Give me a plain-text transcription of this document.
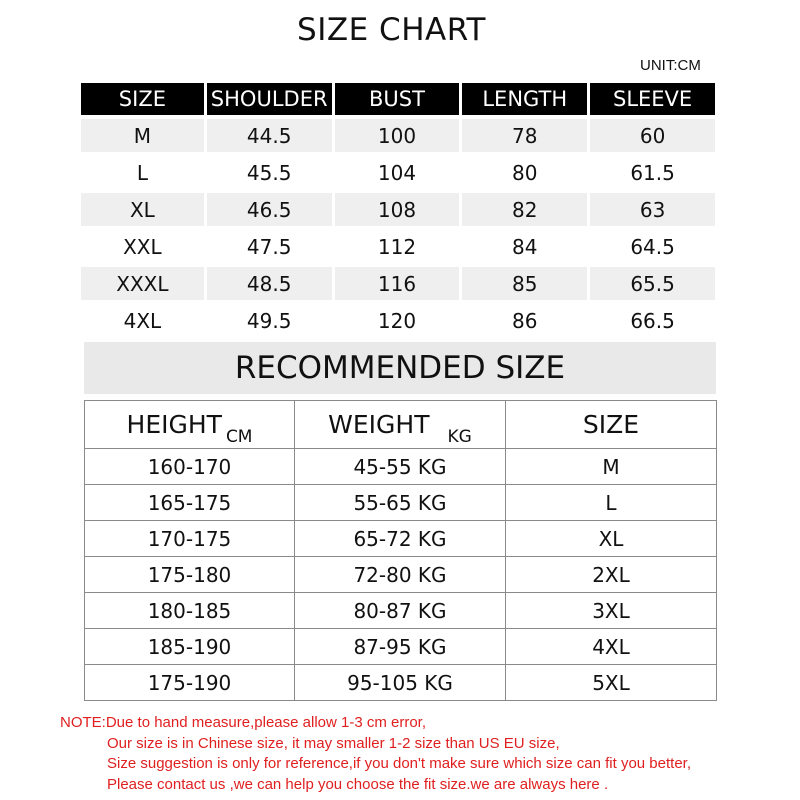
SIZE CHART
UNIT:CM
SIZE	SHOULDER	BUST	LENGTH	SLEEVE
M	44.5	100	78	60
L	45.5	104	80	61.5
XL	46.5	108	82	63
XXL	47.5	112	84	64.5
XXXL	48.5	116	85	65.5
4XL	49.5	120	86	66.5
RECOMMENDED SIZE
HEIGHT $_{CM}$	WEIGHT $_{KG}$	SIZE
160-170	45-55 KG	M
165-175	55-65 KG	L
170-175	65-72 KG	XL
175-180	72-80 KG	2XL
180-185	80-87 KG	3XL
185-190	87-95 KG	4XL
175-190	95-105 KG	5XL
NOTE:Due to hand measure,please allow 1-3 cm error,
Our size is in Chinese size, it may smaller 1-2 size than US EU size,
Size suggestion is only for reference,if you don't make sure which size can fit you better,
Please contact us ,we can help you choose the fit size.we are always here .
